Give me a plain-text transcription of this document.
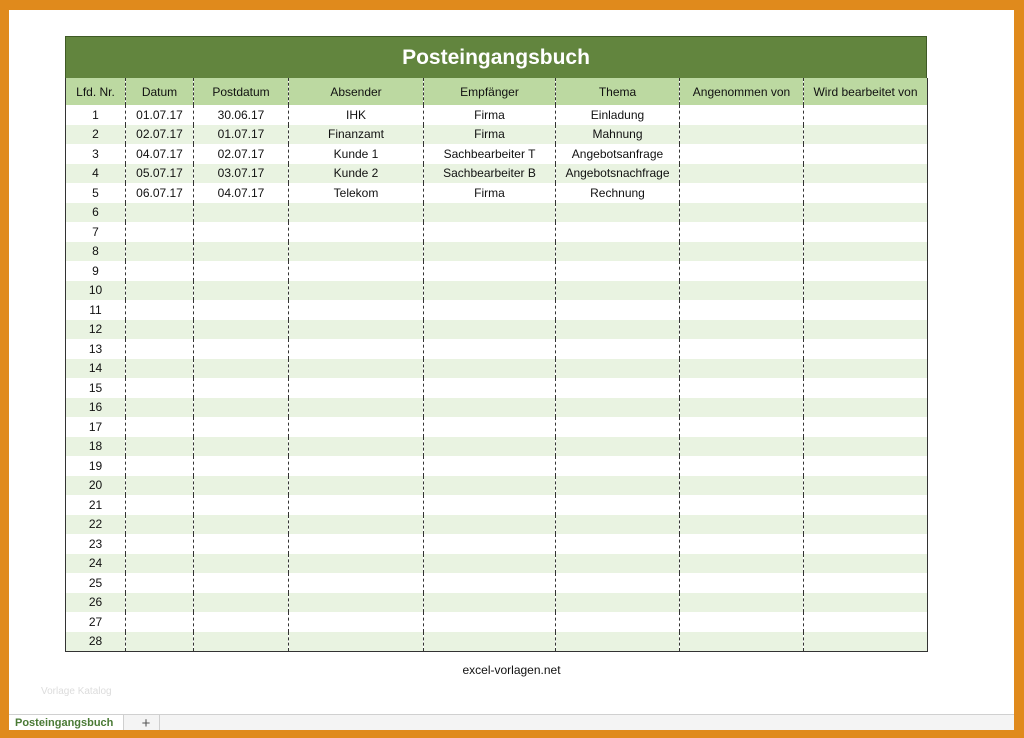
Posteingangsbuch
Lfd. Nr.	Datum	Postdatum	Absender	Empfänger	Thema	Angenommen von	Wird bearbeitet von
1	01.07.17	30.06.17	IHK	Firma	Einladung		
2	02.07.17	01.07.17	Finanzamt	Firma	Mahnung		
3	04.07.17	02.07.17	Kunde 1	Sachbearbeiter T	Angebotsanfrage		
4	05.07.17	03.07.17	Kunde 2	Sachbearbeiter B	Angebotsnachfrage		
5	06.07.17	04.07.17	Telekom	Firma	Rechnung		
6							
7							
8							
9							
10							
11							
12							
13							
14							
15							
16							
17							
18							
19							
20							
21							
22							
23							
24							
25							
26							
27							
28							
excel-vorlagen.net
Vorlage Katalog
Posteingangsbuch	+
